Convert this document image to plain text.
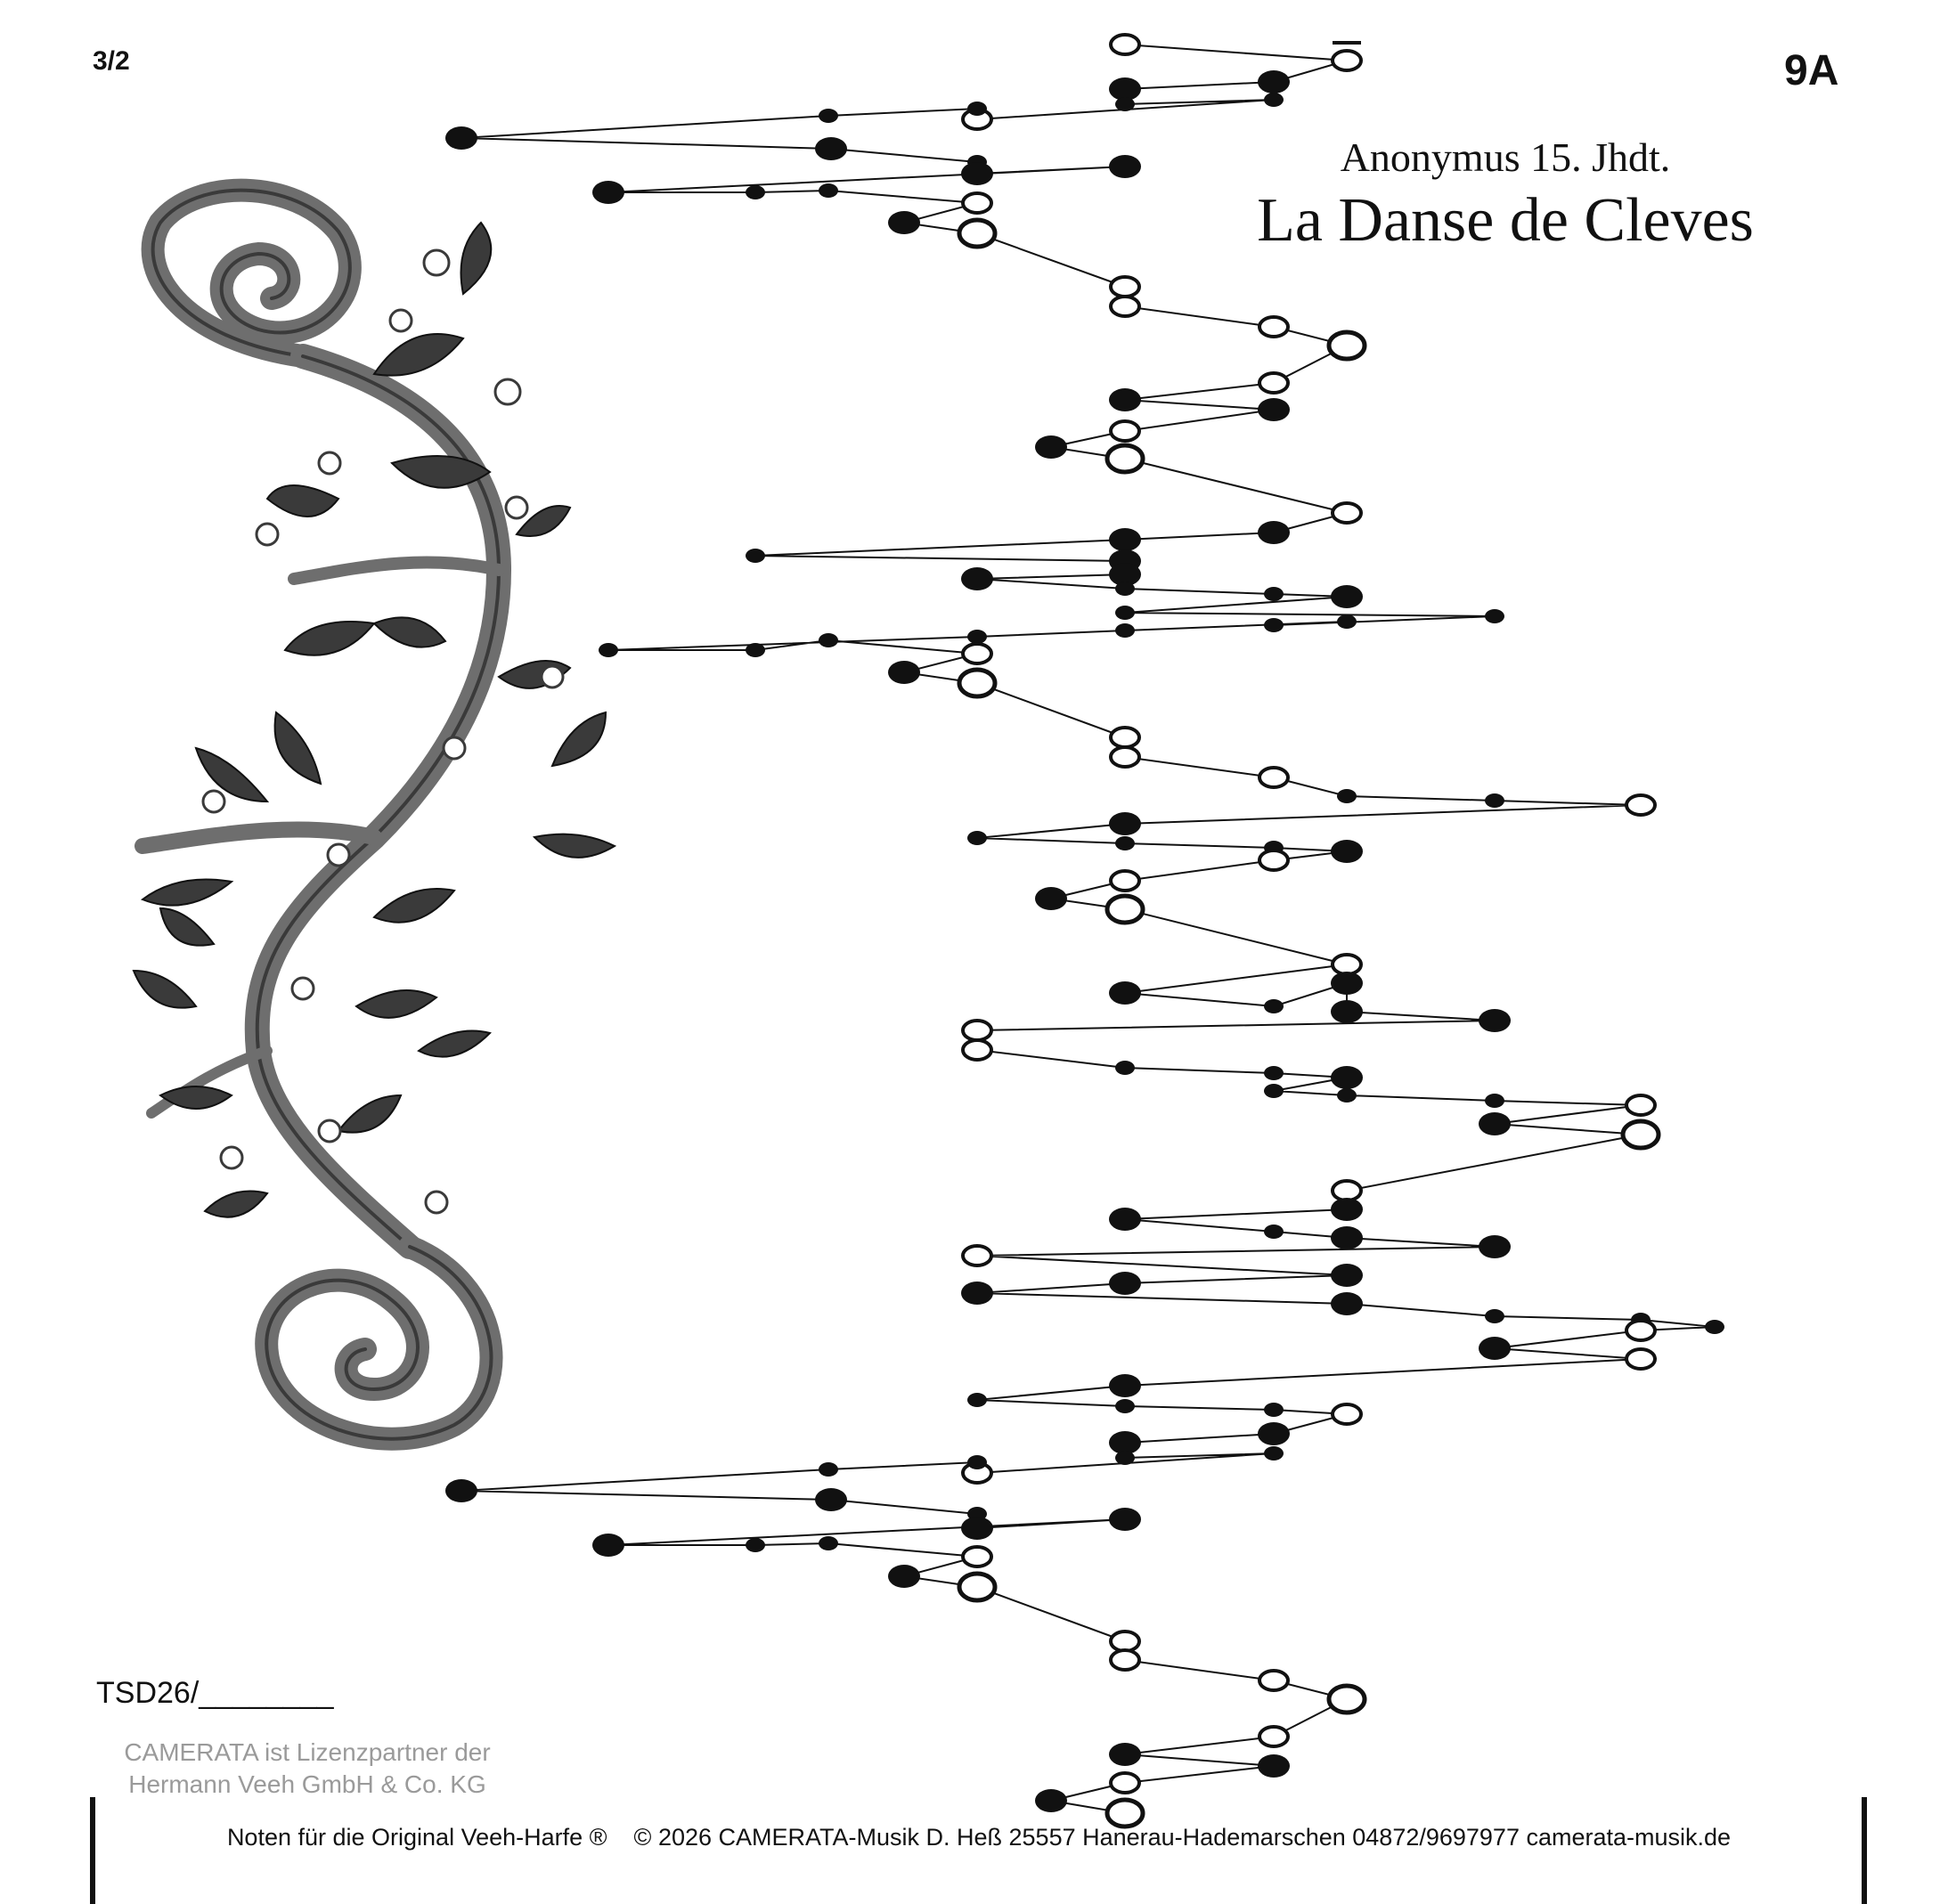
3/2	9A
Anonymus 15. Jhdt.
La Danse de Cleves
TSD26/________
CAMERATA ist Lizenzpartner der
Hermann Veeh GmbH & Co. KG
Noten für die Original Veeh-Harfe ®    © 2026 CAMERATA-Musik D. Heß 25557 Hanerau-Hademarschen 04872/9697977 camerata-musik.de
